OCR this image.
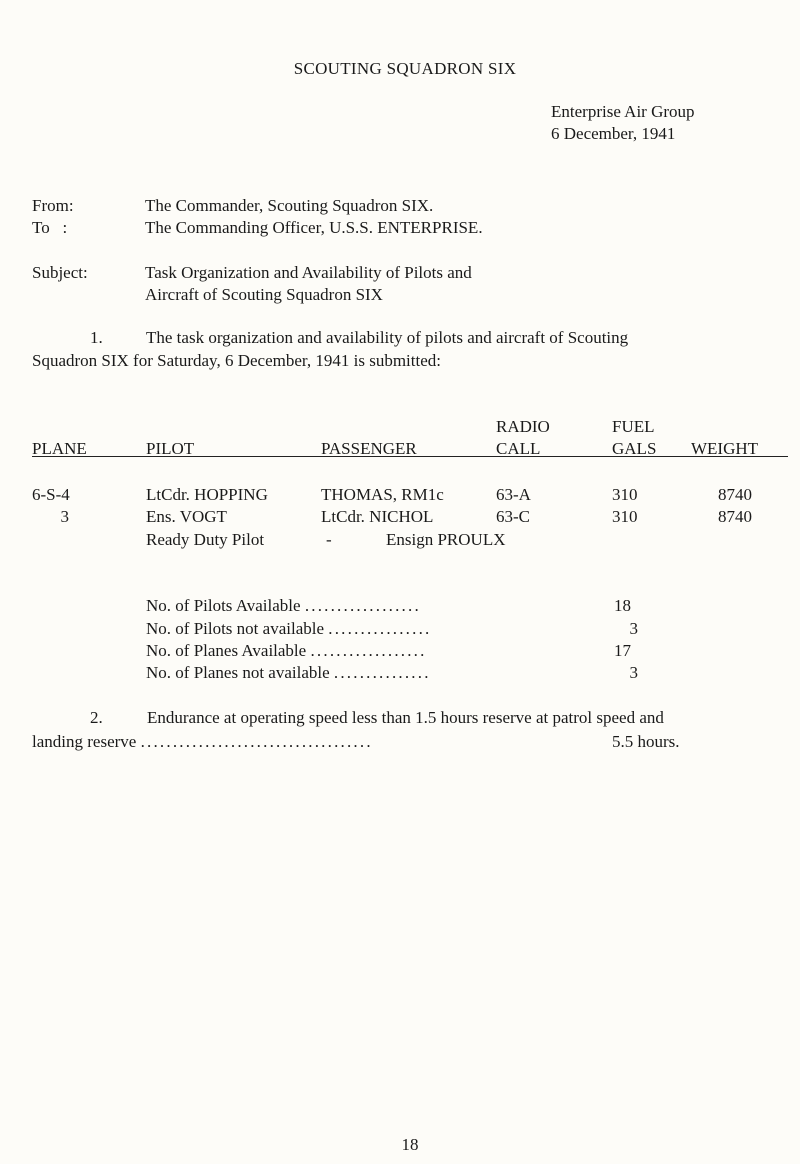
SCOUTING SQUADRON SIX
Enterprise Air Group
6 December, 1941
From:	The Commander, Scouting Squadron SIX.
To   :	The Commanding Officer, U.S.S. ENTERPRISE.
Subject:	Task Organization and Availability of Pilots and
Aircraft of Scouting Squadron SIX
1.	The task organization and availability of pilots and aircraft of Scouting
Squadron SIX for Saturday, 6 December, 1941 is submitted:
RADIO	FUEL
PLANE	PILOT	PASSENGER	CALL	GALS WEIGHT
6-S-4	LtCdr. HOPPING	THOMAS, RM1c	63-A	310	8740
3	Ens. VOGT	LtCdr. NICHOL	63-C	310	8740
Ready Duty Pilot	-	Ensign PROULX
No. of Pilots Available ..................	18
No. of Pilots not available ................	3
No. of Planes Available ..................	17
No. of Planes not available ...............	3
2.	Endurance at operating speed less than 1.5 hours reserve at patrol speed and
landing reserve ....................................	5.5 hours.
18
